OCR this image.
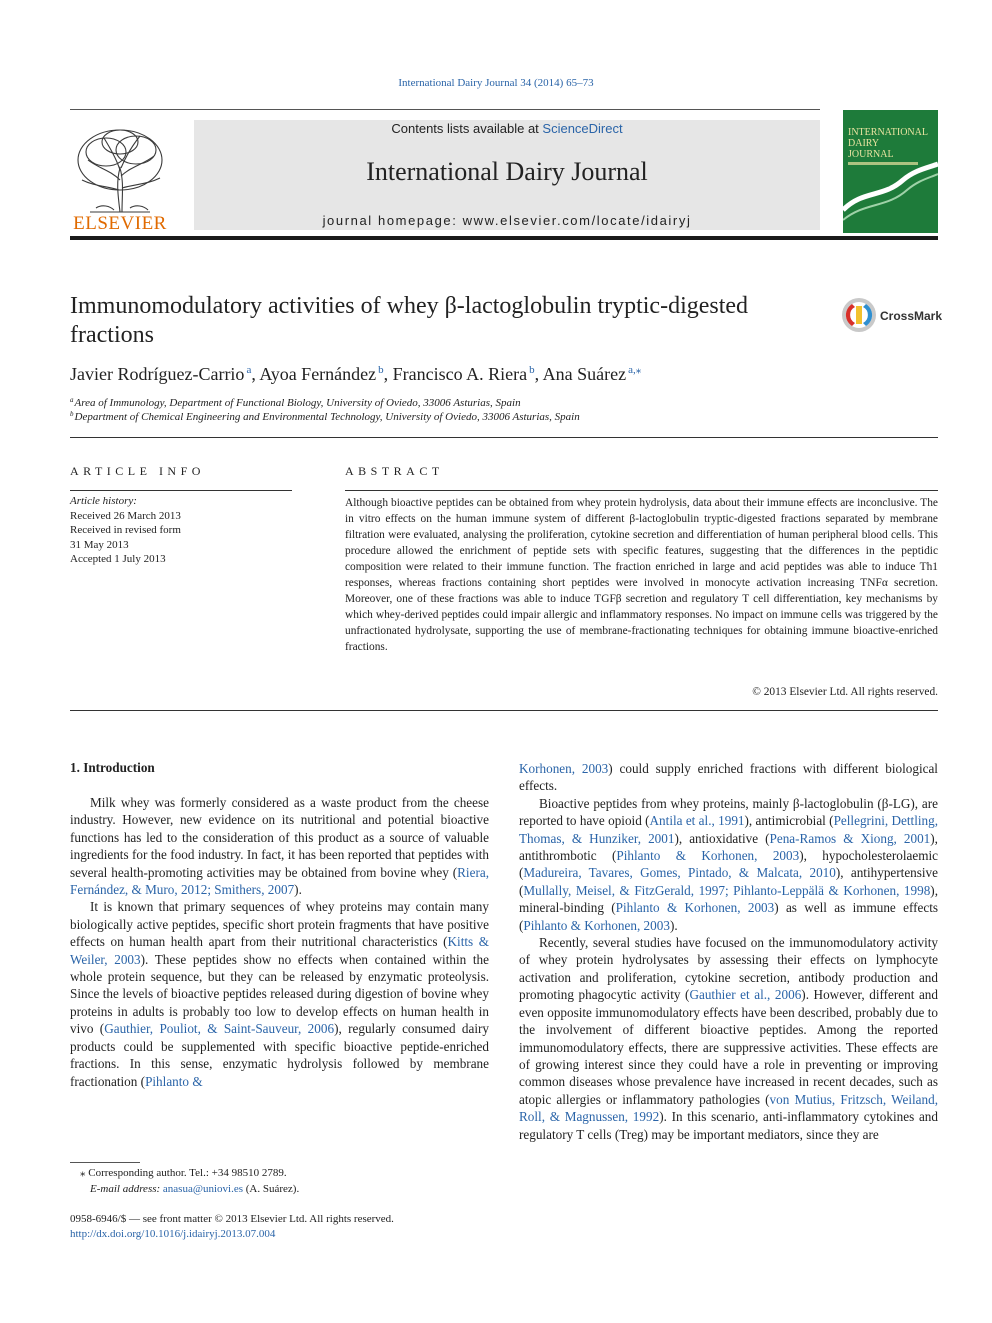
International Dairy Journal 34 (2014) 65–73
ELSEVIER
Contents lists available at ScienceDirect
International Dairy Journal
journal homepage: www.elsevier.com/locate/idairyj
INTERNATIONAL
DAIRY
JOURNAL
Immunomodulatory activities of whey β-lactoglobulin tryptic-digested fractions
CrossMark
Javier Rodríguez-Carrio $^a$, Ayoa Fernández $^b$, Francisco A. Riera $^b$, Ana Suárez $^{a,⁎}$
$^a$Area of Immunology, Department of Functional Biology, University of Oviedo, 33006 Asturias, Spain
$^b$Department of Chemical Engineering and Environmental Technology, University of Oviedo, 33006 Asturias, Spain
ARTICLE INFO	ABSTRACT
Article history:
Received 26 March 2013
Received in revised form
31 May 2013
Accepted 1 July 2013
Although bioactive peptides can be obtained from whey protein hydrolysis, data about their immune effects are inconclusive. The in vitro effects on the human immune system of different β-lactoglobulin tryptic-digested fractions separated by membrane filtration were evaluated, analysing the proliferation, cytokine secretion and differentiation of human peripheral blood cells. This procedure allowed the enrichment of peptide sets with specific features, suggesting that the differences in the peptidic composition were related to their immune function. The fraction enriched in large and acid peptides was able to induce Th1 responses, whereas fractions containing short peptides were involved in monocyte activation increasing TNFα secretion. Moreover, one of these fractions was able to induce TGFβ secretion and regulatory T cell differentiation, key mechanisms by which whey-derived peptides could impair allergic and inflammatory responses. No impact on immune cells was triggered by the unfractionated hydrolysate, supporting the use of membrane-fractionating techniques for obtaining immune bioactive-enriched fractions.
© 2013 Elsevier Ltd. All rights reserved.
1. Introduction

Milk whey was formerly considered as a waste product from the cheese industry. However, new evidence on its nutritional and potential bioactive functions has led to the consideration of this product as a source of valuable ingredients for the food industry. In fact, it has been reported that peptides with several health-promoting activities may be obtained from bovine whey (Riera, Fernández, & Muro, 2012; Smithers, 2007).

It is known that primary sequences of whey proteins may contain many biologically active peptides, specific short protein fragments that have positive effects on human health apart from their nutritional characteristics (Kitts & Weiler, 2003). These peptides show no effects when contained within the whole protein sequence, but they can be released by enzymatic proteolysis. Since the levels of bioactive peptides released during digestion of bovine whey proteins in adults is probably too low to develop effects on human health in vivo (Gauthier, Pouliot, & Saint-Sauveur, 2006), regularly consumed dairy products could be supplemented with specific bioactive peptide-enriched fractions. In this sense, enzymatic hydrolysis followed by membrane fractionation (Pihlanto &

Korhonen, 2003) could supply enriched fractions with different biological effects.

Bioactive peptides from whey proteins, mainly β-lactoglobulin (β-LG), are reported to have opioid (Antila et al., 1991), antimicrobial (Pellegrini, Dettling, Thomas, & Hunziker, 2001), antioxidative (Pena-Ramos & Xiong, 2001), antithrombotic (Pihlanto & Korhonen, 2003), hypocholesterolaemic (Madureira, Tavares, Gomes, Pintado, & Malcata, 2010), antihypertensive (Mullally, Meisel, & FitzGerald, 1997; Pihlanto-Leppälä & Korhonen, 1998), mineral-binding (Pihlanto & Korhonen, 2003) as well as immune effects (Pihlanto & Korhonen, 2003).

Recently, several studies have focused on the immunomodulatory activity of whey protein hydrolysates by assessing their effects on lymphocyte activation and proliferation, cytokine secretion, antibody production and promoting phagocytic activity (Gauthier et al., 2006). However, different and even opposite immunomodulatory effects have been described, probably due to the involvement of different bioactive peptides. Among the reported immunomodulatory effects, there are suppressive activities. These effects are of growing interest since they could have a role in preventing or improving common diseases whose prevalence have increased in recent decades, such as atopic allergies or inflammatory pathologies (von Mutius, Fritzsch, Weiland, Roll, & Magnussen, 1992). In this scenario, anti-inflammatory cytokines and regulatory T cells (Treg) may be important mediators, since they are

⁎ Corresponding author. Tel.: +34 98510 2789.
E-mail address: anasua@uniovi.es (A. Suárez).
0958-6946/$ — see front matter © 2013 Elsevier Ltd. All rights reserved.
http://dx.doi.org/10.1016/j.idairyj.2013.07.004
